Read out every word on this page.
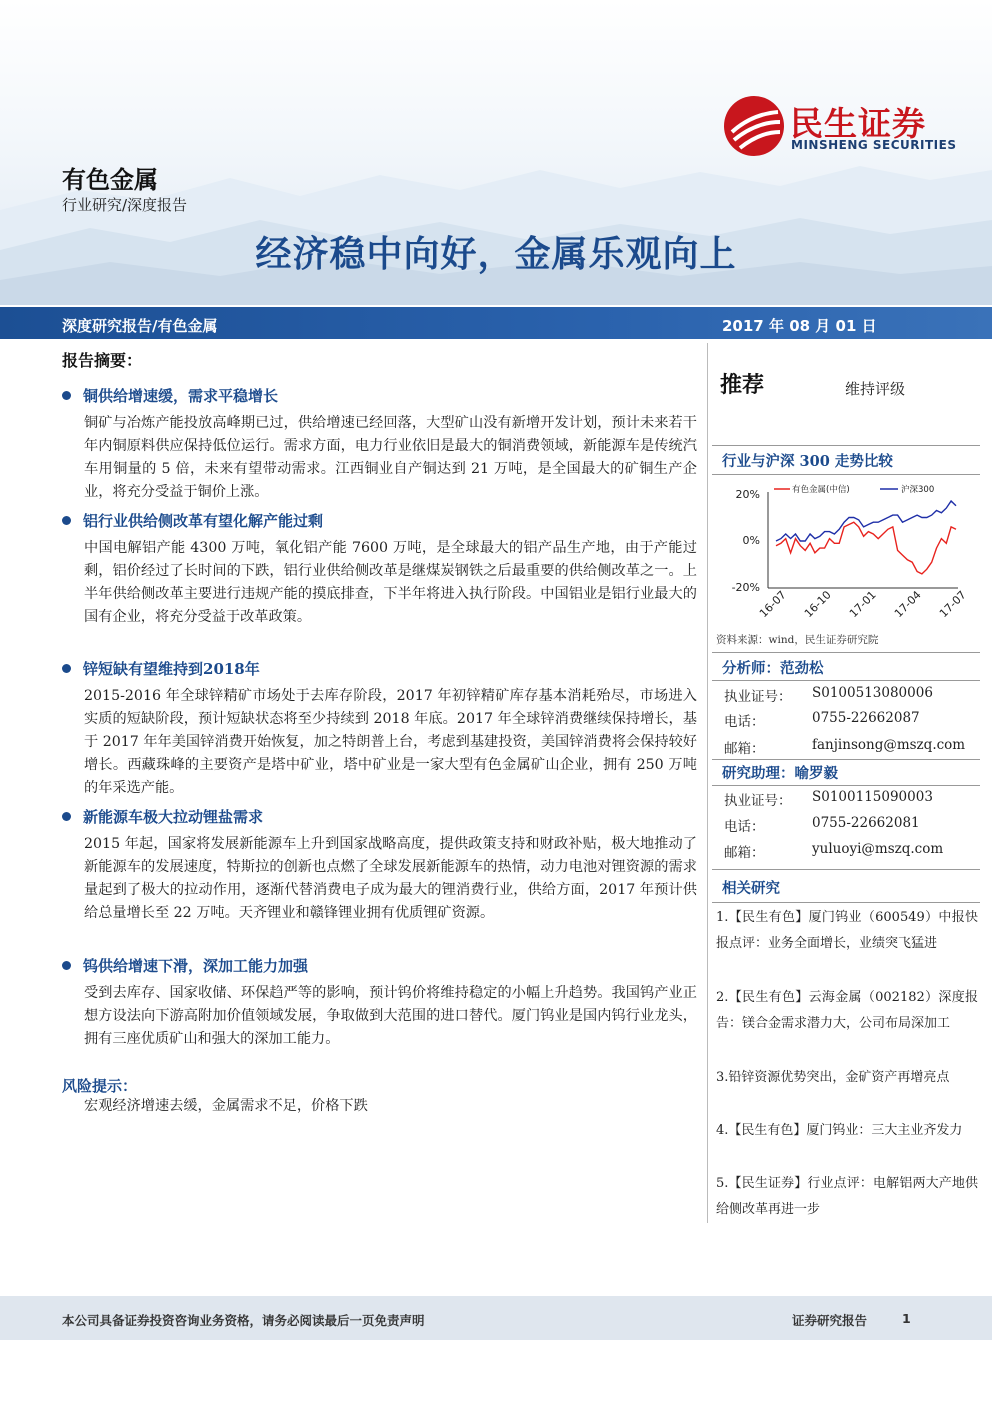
民生证券
MINSHENG SECURITIES
有色金属
行业研究/深度报告
经济稳中向好，金属乐观向上
深度研究报告/有色金属	2017 年 08 月 01 日
报告摘要：
铜供给增速缓，需求平稳增长
铜矿与冶炼产能投放高峰期已过，供给增速已经回落，大型矿山没有新增开发计划，预计未来若干年内铜原料供应保持低位运行。需求方面，电力行业依旧是最大的铜消费领域，新能源车是传统汽车用铜量的 5 倍，未来有望带动需求。江西铜业自产铜达到 21 万吨，是全国最大的矿铜生产企业，将充分受益于铜价上涨。
铝行业供给侧改革有望化解产能过剩
中国电解铝产能 4300 万吨，氧化铝产能 7600 万吨，是全球最大的铝产品生产地，由于产能过剩，铝价经过了长时间的下跌，铝行业供给侧改革是继煤炭钢铁之后最重要的供给侧改革之一。上半年供给侧改革主要进行违规产能的摸底排查，下半年将进入执行阶段。中国铝业是铝行业最大的国有企业，将充分受益于改革政策。
锌短缺有望维持到2018年
2015-2016 年全球锌精矿市场处于去库存阶段，2017 年初锌精矿库存基本消耗殆尽，市场进入实质的短缺阶段，预计短缺状态将至少持续到 2018 年底。2017 年全球锌消费继续保持增长，基于 2017 年年美国锌消费开始恢复，加之特朗普上台，考虑到基建投资，美国锌消费将会保持较好增长。西藏珠峰的主要资产是塔中矿业，塔中矿业是一家大型有色金属矿山企业，拥有 250 万吨的年采选产能。
新能源车极大拉动锂盐需求
2015 年起，国家将发展新能源车上升到国家战略高度，提供政策支持和财政补贴，极大地推动了新能源车的发展速度，特斯拉的创新也点燃了全球发展新能源车的热情，动力电池对锂资源的需求量起到了极大的拉动作用，逐渐代替消费电子成为最大的锂消费行业，供给方面，2017 年预计供给总量增长至 22 万吨。天齐锂业和赣锋锂业拥有优质锂矿资源。
钨供给增速下滑，深加工能力加强
受到去库存、国家收储、环保趋严等的影响，预计钨价将维持稳定的小幅上升趋势。我国钨产业正想方设法向下游高附加价值领域发展，争取做到大范围的进口替代。厦门钨业是国内钨行业龙头，拥有三座优质矿山和强大的深加工能力。
风险提示：
宏观经济增速去缓，金属需求不足，价格下跌
推荐	维持评级
行业与沪深 300 走势比较
20%
0%
-20%
有色金属(中信)	沪深300
16-07 16-10 17-01 17-04 17-07
资料来源：wind，民生证券研究院
分析师：范劲松
执业证号： S0100513080006
电话：	0755-22662087
邮箱：	fanjinsong@mszq.com
研究助理：喻罗毅
执业证号： S0100115090003
电话：	0755-22662081
邮箱：	yuluoyi@mszq.com
相关研究
1.【民生有色】厦门钨业（600549）中报快报点评：业务全面增长，业绩突飞猛进
2.【民生有色】云海金属（002182）深度报告：镁合金需求潜力大，公司布局深加工
3.铅锌资源优势突出，金矿资产再增亮点
4.【民生有色】厦门钨业：三大主业齐发力
5.【民生证券】行业点评：电解铝两大产地供给侧改革再进一步
本公司具备证券投资咨询业务资格，请务必阅读最后一页免责声明	证券研究报告	1
